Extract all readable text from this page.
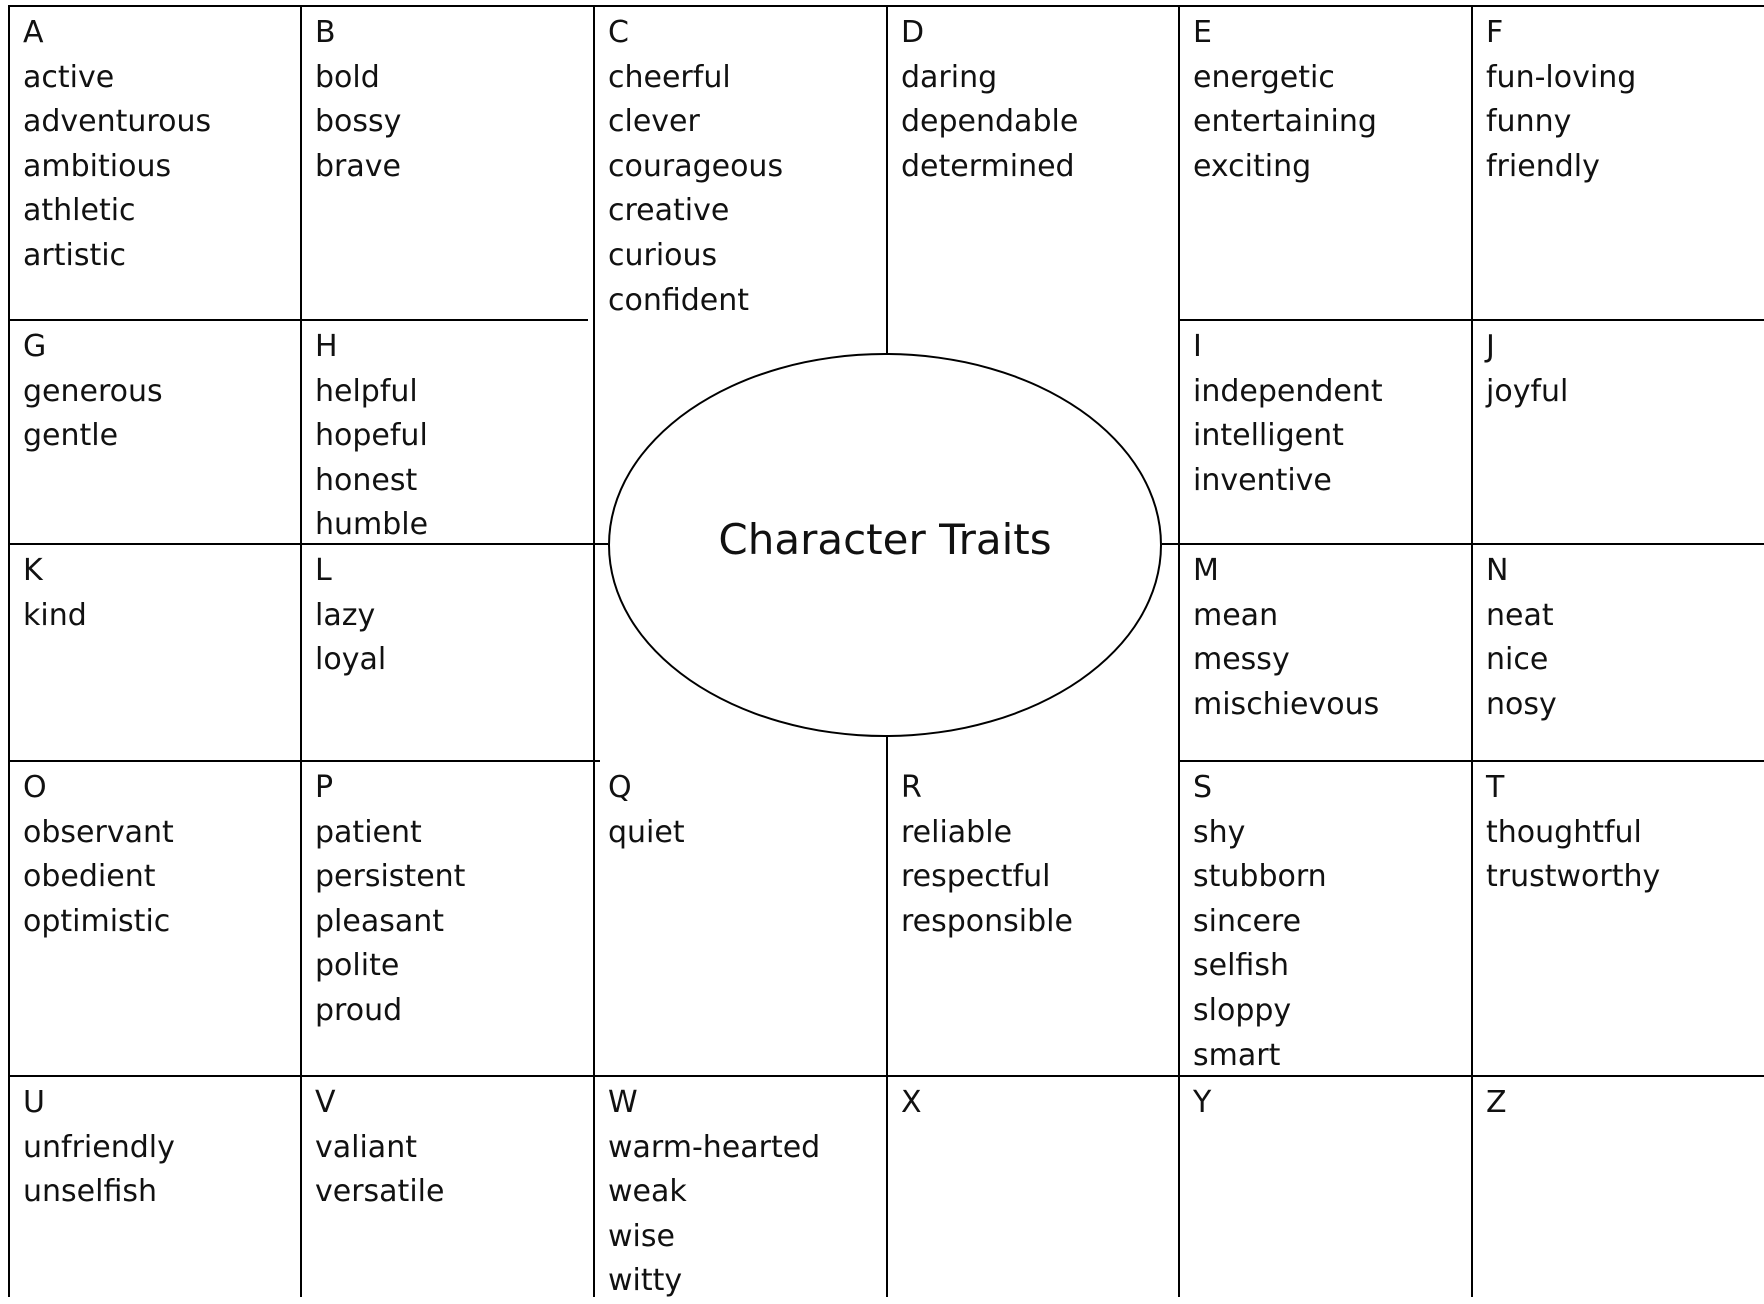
Character Traits
A
active
adventurous
ambitious
athletic
artistic
B
bold
bossy
brave
C
cheerful
clever
courageous
creative
curious
confident
D
daring
dependable
determined
E
energetic
entertaining
exciting
F
fun-loving
funny
friendly
G
generous
gentle
H
helpful
hopeful
honest
humble
I
independent
intelligent
inventive
J
joyful
K
kind
L
lazy
loyal
M
mean
messy
mischievous
N
neat
nice
nosy
O
observant
obedient
optimistic
P
patient
persistent
pleasant
polite
proud
Q
quiet
R
reliable
respectful
responsible
S
shy
stubborn
sincere
selfish
sloppy
smart
T
thoughtful
trustworthy
U
unfriendly
unselfish
V
valiant
versatile
W
warm-hearted
weak
wise
witty
X	Y	Z
